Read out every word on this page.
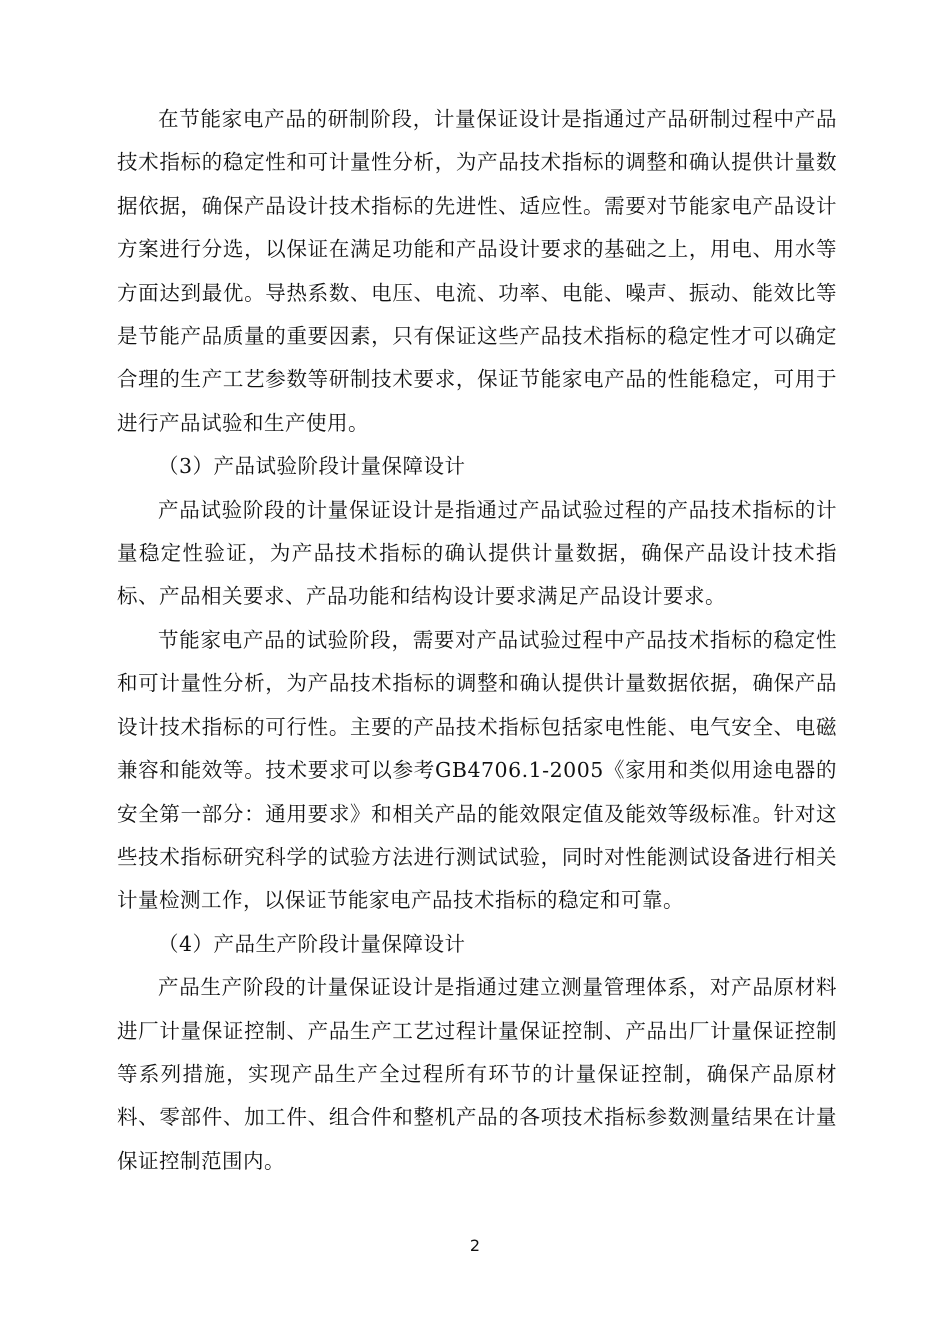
在节能家电产品的研制阶段，计量保证设计是指通过产品研制过程中产品技术指标的稳定性和可计量性分析，为产品技术指标的调整和确认提供计量数据依据，确保产品设计技术指标的先进性、适应性。需要对节能家电产品设计方案进行分选，以保证在满足功能和产品设计要求的基础之上，用电、用水等方面达到最优。导热系数、电压、电流、功率、电能、噪声、振动、能效比等是节能产品质量的重要因素，只有保证这些产品技术指标的稳定性才可以确定合理的生产工艺参数等研制技术要求，保证节能家电产品的性能稳定，可用于进行产品试验和生产使用。

（3）产品试验阶段计量保障设计

产品试验阶段的计量保证设计是指通过产品试验过程的产品技术指标的计量稳定性验证，为产品技术指标的确认提供计量数据，确保产品设计技术指标、产品相关要求、产品功能和结构设计要求满足产品设计要求。

节能家电产品的试验阶段，需要对产品试验过程中产品技术指标的稳定性和可计量性分析，为产品技术指标的调整和确认提供计量数据依据，确保产品设计技术指标的可行性。主要的产品技术指标包括家电性能、电气安全、电磁兼容和能效等。技术要求可以参考GB4706.1-2005《家用和类似用途电器的安全第一部分：通用要求》和相关产品的能效限定值及能效等级标准。针对这些技术指标研究科学的试验方法进行测试试验，同时对性能测试设备进行相关计量检测工作，以保证节能家电产品技术指标的稳定和可靠。

（4）产品生产阶段计量保障设计

产品生产阶段的计量保证设计是指通过建立测量管理体系，对产品原材料进厂计量保证控制、产品生产工艺过程计量保证控制、产品出厂计量保证控制等系列措施，实现产品生产全过程所有环节的计量保证控制，确保产品原材料、零部件、加工件、组合件和整机产品的各项技术指标参数测量结果在计量保证控制范围内。

2
